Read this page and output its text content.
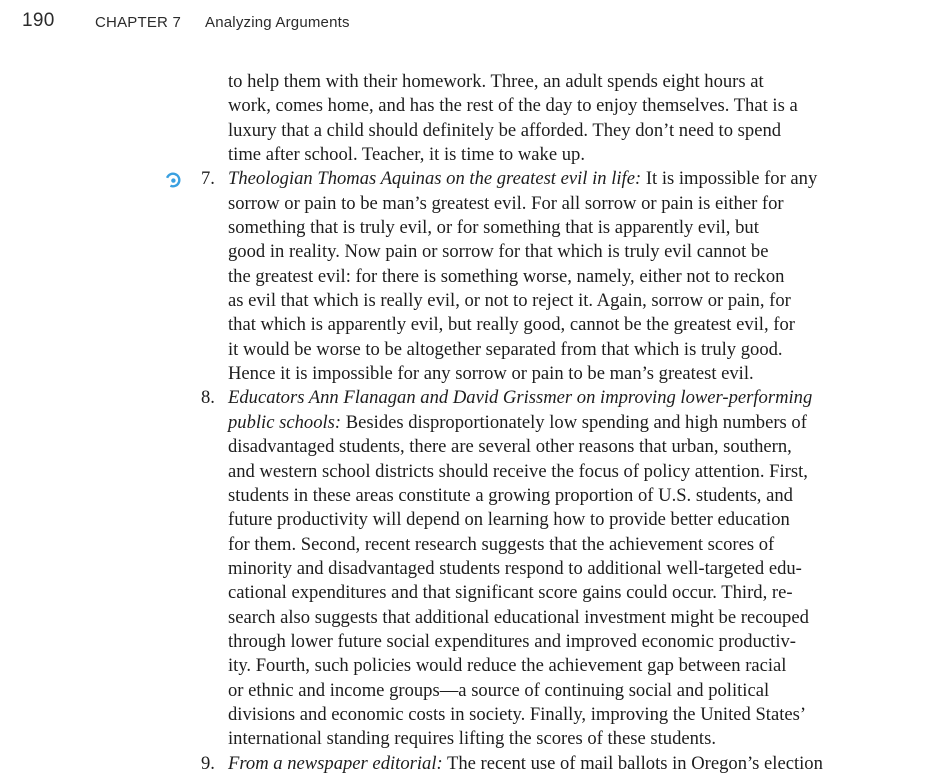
190	CHAPTER 7 Analyzing Arguments
to help them with their homework. Three, an adult spends eight hours at
work, comes home, and has the rest of the day to enjoy themselves. That is a
luxury that a child should definitely be afforded. They don’t need to spend
time after school. Teacher, it is time to wake up.
7. Theologian Thomas Aquinas on the greatest evil in life: It is impossible for any
sorrow or pain to be man’s greatest evil. For all sorrow or pain is either for
something that is truly evil, or for something that is apparently evil, but
good in reality. Now pain or sorrow for that which is truly evil cannot be
the greatest evil: for there is something worse, namely, either not to reckon
as evil that which is really evil, or not to reject it. Again, sorrow or pain, for
that which is apparently evil, but really good, cannot be the greatest evil, for
it would be worse to be altogether separated from that which is truly good.
Hence it is impossible for any sorrow or pain to be man’s greatest evil.
8. Educators Ann Flanagan and David Grissmer on improving lower-performing
public schools: Besides disproportionately low spending and high numbers of
disadvantaged students, there are several other reasons that urban, southern,
and western school districts should receive the focus of policy attention. First,
students in these areas constitute a growing proportion of U.S. students, and
future productivity will depend on learning how to provide better education
for them. Second, recent research suggests that the achievement scores of
minority and disadvantaged students respond to additional well-targeted edu-
cational expenditures and that significant score gains could occur. Third, re-
search also suggests that additional educational investment might be recouped
through lower future social expenditures and improved economic productiv-
ity. Fourth, such policies would reduce the achievement gap between racial
or ethnic and income groups—a source of continuing social and political
divisions and economic costs in society. Finally, improving the United States’
international standing requires lifting the scores of these students.
9. From a newspaper editorial: The recent use of mail ballots in Oregon’s election
